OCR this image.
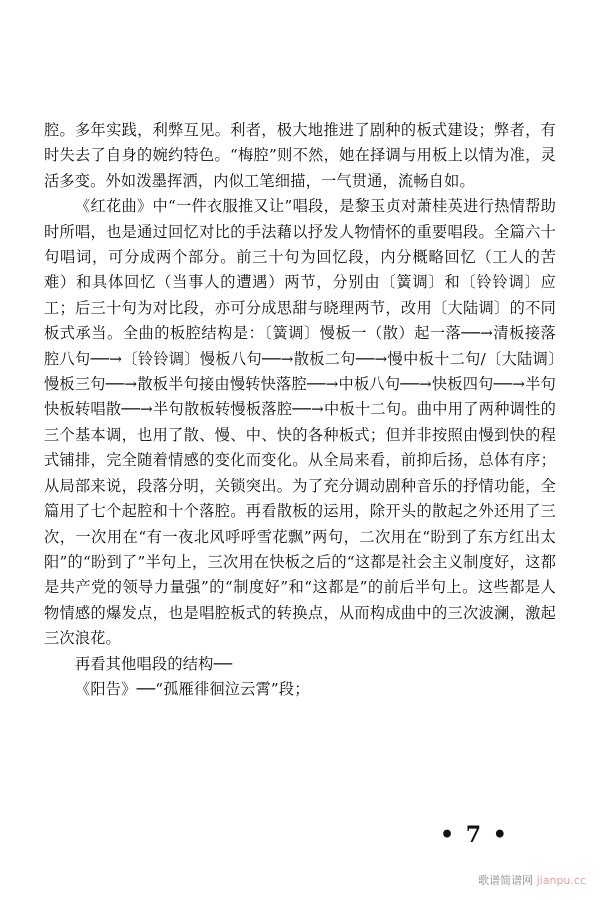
腔。多年实践，利弊互见。利者，极大地推进了剧种的板式建设；弊者，有时失去了自身的婉约特色。“梅腔”则不然，她在择调与用板上以情为准，灵活多变。外如泼墨挥洒，内似工笔细描，一气贯通，流畅自如。

《红花曲》中“一件衣服推又让”唱段，是黎玉贞对萧桂英进行热情帮助时所唱，也是通过回忆对比的手法藉以抒发人物情怀的重要唱段。全篇六十句唱词，可分成两个部分。前三十句为回忆段，内分概略回忆（工人的苦难）和具体回忆（当事人的遭遇）两节，分别由〔簧调〕和〔铃铃调〕应工；后三十句为对比段，亦可分成思甜与晓理两节，改用〔大陆调〕的不同板式承当。全曲的板腔结构是：〔簧调〕慢板一（散）起一落──→清板接落腔八句──→〔铃铃调〕慢板八句──→散板二句──→慢中板十二句/〔大陆调〕慢板三句──→散板半句接由慢转快落腔──→中板八句──→快板四句──→半句快板转唱散──→半句散板转慢板落腔──→中板十二句。曲中用了两种调性的三个基本调，也用了散、慢、中、快的各种板式；但并非按照由慢到快的程式铺排，完全随着情感的变化而变化。从全局来看，前抑后扬，总体有序；从局部来说，段落分明，关锁突出。为了充分调动剧种音乐的抒情功能，全篇用了七个起腔和十个落腔。再看散板的运用，除开头的散起之外还用了三次，一次用在“有一夜北风呼呼雪花飘”两句，二次用在“盼到了东方红出太阳”的“盼到了”半句上，三次用在快板之后的“这都是社会主义制度好，这都是共产党的领导力量强”的“制度好”和“这都是”的前后半句上。这些都是人物情感的爆发点，也是唱腔板式的转换点，从而构成曲中的三次波澜，激起三次浪花。

再看其他唱段的结构──

《阳告》──“孤雁徘徊泣云霄”段；

• 7 •
歌谱简谱网 jianpu.cc
